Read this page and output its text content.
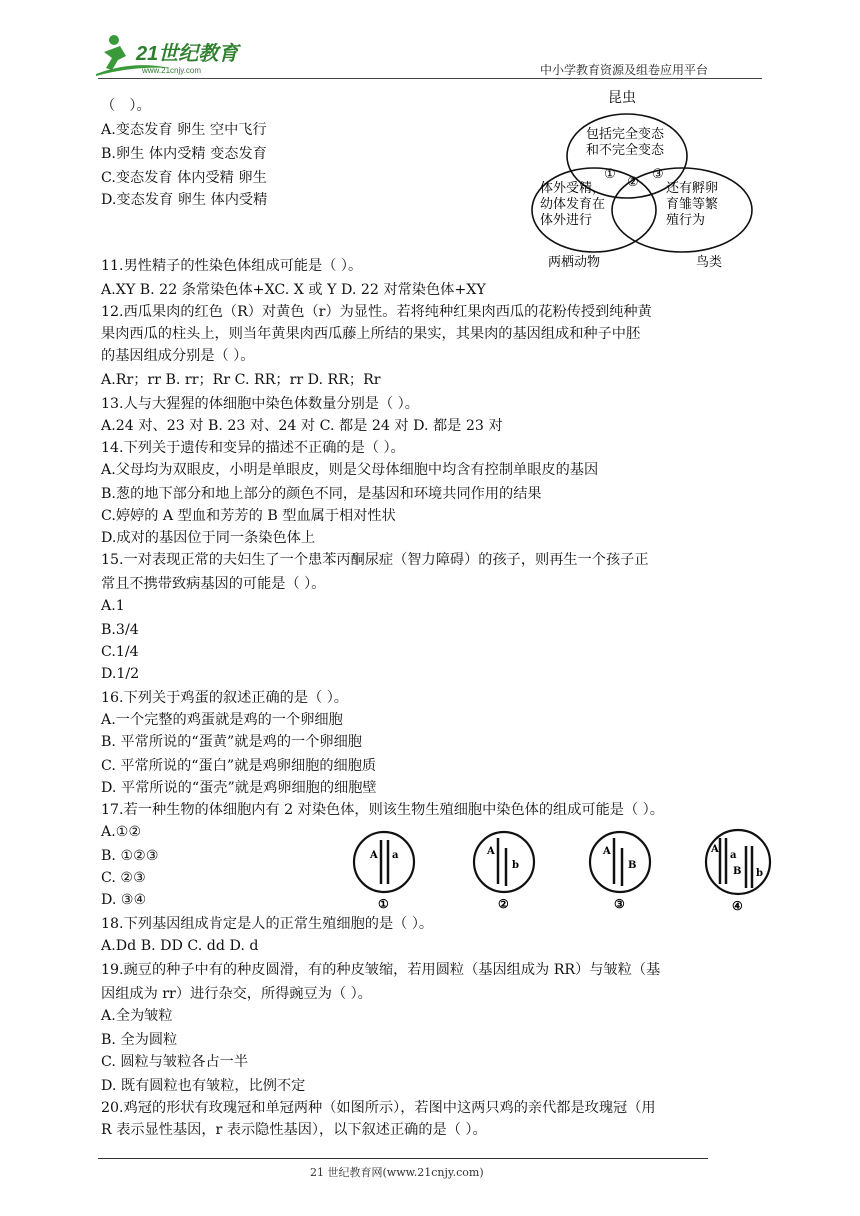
21世纪教育
www.21cnjy.com	中小学教育资源及组卷应用平台
（　）。
A.变态发育 卵生 空中飞行
B.卵生 体内受精 变态发育
C.变态发育 体内受精 卵生
D.变态发育 卵生 体内受精
11.男性精子的性染色体组成可能是（ ）。
A.XY B. 22 条常染色体+XC. X 或 Y D. 22 对常染色体+XY
12.西瓜果肉的红色（R）对黄色（r）为显性。若将纯种红果肉西瓜的花粉传授到纯种黄
果肉西瓜的柱头上，则当年黄果肉西瓜藤上所结的果实，其果肉的基因组成和种子中胚
的基因组成分别是（ ）。
A.Rr；rr B. rr；Rr C. RR；rr D. RR；Rr
13.人与大猩猩的体细胞中染色体数量分别是（ ）。
A.24 对、23 对 B. 23 对、24 对 C. 都是 24 对 D. 都是 23 对
14.下列关于遗传和变异的描述不正确的是（ ）。
A.父母均为双眼皮，小明是单眼皮，则是父母体细胞中均含有控制单眼皮的基因
B.葱的地下部分和地上部分的颜色不同，是基因和环境共同作用的结果
C.婷婷的 A 型血和芳芳的 B 型血属于相对性状
D.成对的基因位于同一条染色体上
15.一对表现正常的夫妇生了一个患苯丙酮尿症（智力障碍）的孩子，则再生一个孩子正
常且不携带致病基因的可能是（ ）。
A.1
B.3/4
C.1/4
D.1/2
16.下列关于鸡蛋的叙述正确的是（ ）。
A.一个完整的鸡蛋就是鸡的一个卵细胞
B. 平常所说的“蛋黄”就是鸡的一个卵细胞
C. 平常所说的“蛋白”就是鸡卵细胞的细胞质
D. 平常所说的“蛋壳”就是鸡卵细胞的细胞壁
17.若一种生物的体细胞内有 2 对染色体，则该生物生殖细胞中染色体的组成可能是（ ）。
A.①②
B. ①②③
C. ②③
D. ③④
18.下列基因组成肯定是人的正常生殖细胞的是（ ）。
A.Dd B. DD C. dd D. d
19.豌豆的种子中有的种皮圆滑，有的种皮皱缩，若用圆粒（基因组成为 RR）与皱粒（基
因组成为 rr）进行杂交，所得豌豆为（ ）。
A.全为皱粒
B. 全为圆粒
C. 圆粒与皱粒各占一半
D. 既有圆粒也有皱粒，比例不定
20.鸡冠的形状有玫瑰冠和单冠两种（如图所示），若图中这两只鸡的亲代都是玫瑰冠（用
R 表示显性基因，r 表示隐性基因），以下叙述正确的是（ ）。
昆虫
包括完全变态和不完全变态
体外受精，幼体发育在体外进行
还有孵卵育雏等繁殖行为
①
②
③
两栖动物	鸟类
A a
①
A
b
②
A
B
③
A
a
B b
④
21 世纪教育网(www.21cnjy.com)
